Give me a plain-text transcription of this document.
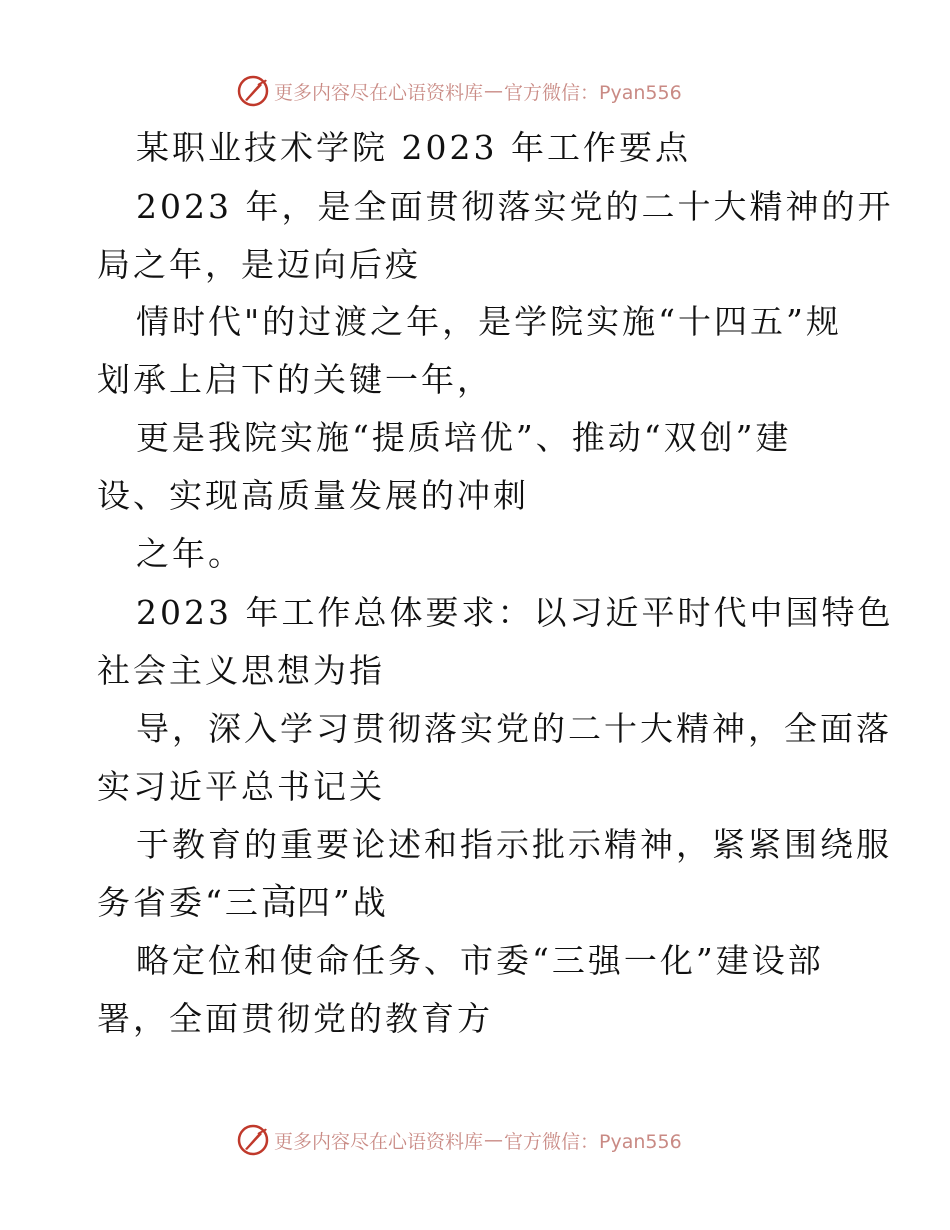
更多内容尽在心语资料库 — 官方微信：Pyan556
某职业技术学院 2023 年工作要点
2023 年，是全面贯彻落实党的二十大精神的开
局之年，是迈向后疫
情时代"的过渡之年，是学院实施“十四五”规
划承上启下的关键一年，
更是我院实施“提质培优”、推动“双创”建
设、实现高质量发展的冲刺
之年。
2023 年工作总体要求：以习近平时代中国特色
社会主义思想为指
导，深入学习贯彻落实党的二十大精神，全面落
实习近平总书记关
于教育的重要论述和指示批示精神，紧紧围绕服
务省委“三高四”战
略定位和使命任务、市委“三强一化”建设部
署，全面贯彻党的教育方
更多内容尽在心语资料库 — 官方微信：Pyan556
